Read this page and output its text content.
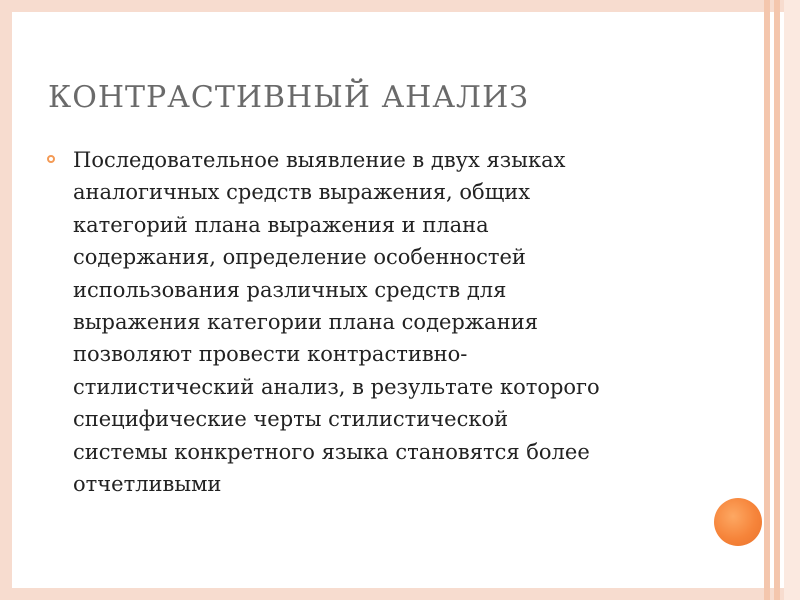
КОНТРАСТИВНЫЙ АНАЛИЗ

Последовательное выявление в двух языках
аналогичных средств выражения, общих
категорий плана выражения и плана
содержания, определение особенностей
использования различных средств для
выражения категории плана содержания
позволяют провести контрастивно-
стилистический анализ, в результате которого
специфические черты стилистической
системы конкретного языка становятся более
отчетливыми
